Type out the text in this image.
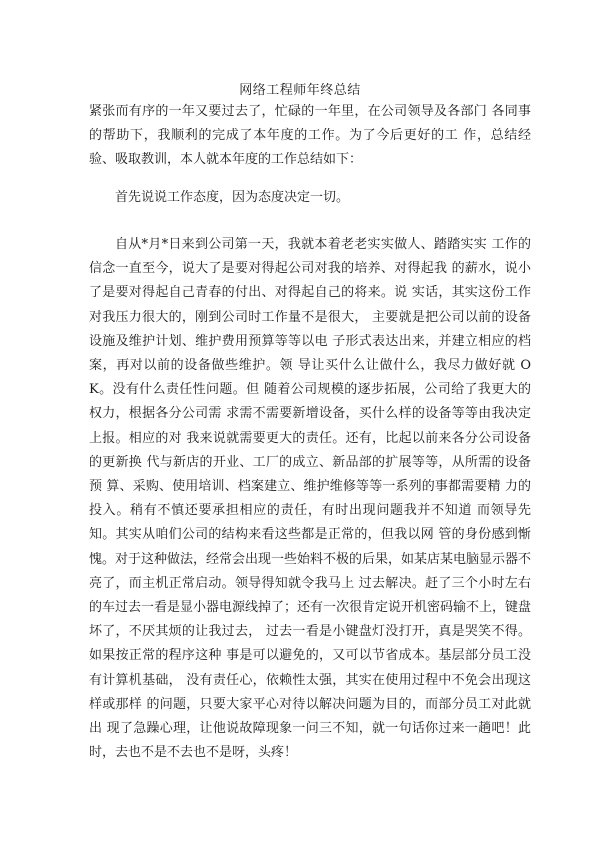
网络工程师年终总结
紧张而有序的一年又要过去了，忙碌的一年里，在公司领导及各部门 各同事的帮助下，我顺利的完成了本年度的工作。为了今后更好的工 作，总结经验、吸取教训，本人就本年度的工作总结如下：
首先说说工作态度，因为态度决定一切。
自从*月*日来到公司第一天，我就本着老老实实做人、踏踏实实 工作的信念一直至今，说大了是要对得起公司对我的培养、对得起我 的薪水，说小了是要对得起自己青春的付出、对得起自己的将来。说 实话，其实这份工作对我压力很大的，刚到公司时工作量不是很大， 主要就是把公司以前的设备设施及维护计划、维护费用预算等等以电 子形式表达出来，并建立相应的档案，再对以前的设备做些维护。领 导让买什么让做什么，我尽力做好就 OK。没有什么责任性问题。但 随着公司规模的逐步拓展，公司给了我更大的权力，根据各分公司需 求需不需要新增设备，买什么样的设备等等由我决定上报。相应的对 我来说就需要更大的责任。还有，比起以前来各分公司设备的更新换 代与新店的开业、工厂的成立、新品部的扩展等等，从所需的设备预 算、采购、使用培训、档案建立、维护维修等等一系列的事都需要精 力的投入。稍有不慎还要承担相应的责任，有时出现问题我并不知道 而领导先知。其实从咱们公司的结构来看这些都是正常的，但我以网 管的身份感到惭愧。对于这种做法，经常会出现一些始料不极的后果，如某店某电脑显示器不亮了，而主机正常启动。领导得知就令我马上 过去解决。赶了三个小时左右的车过去一看是显小器电源线掉了；还有一次很肯定说开机密码输不上，键盘坏了，不厌其烦的让我过去， 过去一看是小键盘灯没打开，真是哭笑不得。如果按正常的程序这种 事是可以避免的，又可以节省成本。基层部分员工没有计算机基础， 没有责任心，依赖性太强，其实在使用过程中不免会出现这样或那样 的问题，只要大家平心对待以解决问题为目的，而部分员工对此就出 现了急躁心理，让他说故障现象一问三不知，就一句话你过来一趟吧！此时，去也不是不去也不是呀，头疼！
